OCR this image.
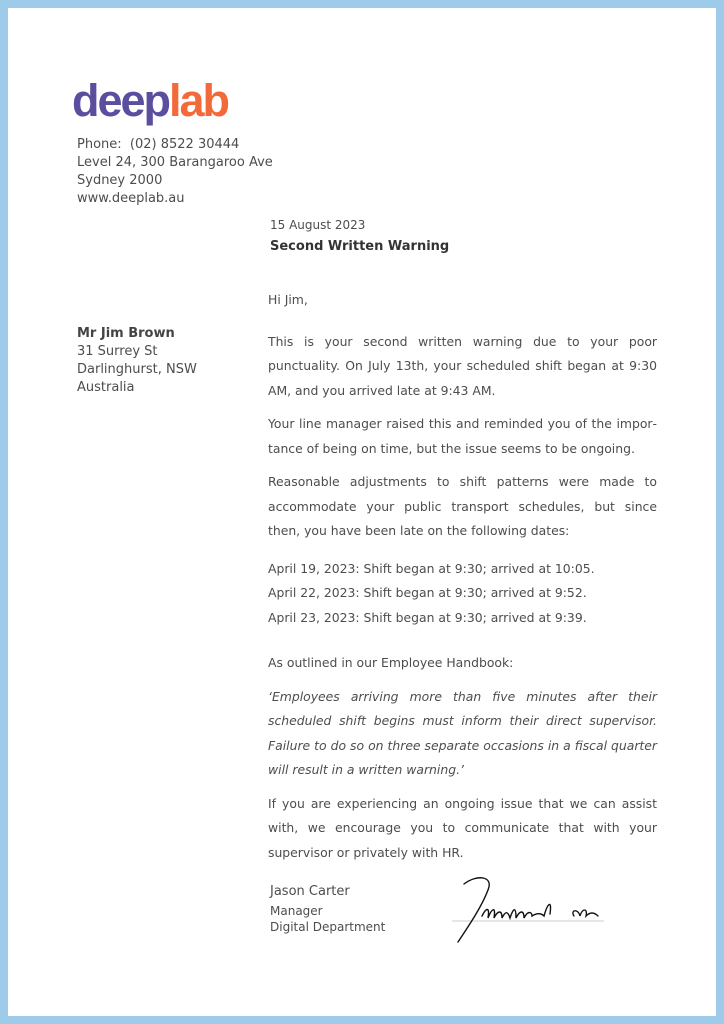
deeplab
Phone:  (02) 8522 30444
Level 24, 300 Barangaroo Ave
Sydney 2000
www.deeplab.au
15 August 2023
Second Written Warning
Mr Jim Brown
31 Surrey St
Darlinghurst, NSW
Australia

Hi Jim,

This is your second written warning due to your poor punctuality. On July 13th, your scheduled shift began at 9:30 AM, and you arrived late at 9:43 AM.

Your line manager raised this and reminded you of the importance of being on time, but the issue seems to be ongoing.

Reasonable adjustments to shift patterns were made to accommodate your public transport schedules, but since then, you have been late on the following dates:

April 19, 2023: Shift began at 9:30; arrived at 10:05.
April 22, 2023: Shift began at 9:30; arrived at 9:52.
April 23, 2023: Shift began at 9:30; arrived at 9:39.

As outlined in our Employee Handbook:

‘Employees arriving more than five minutes after their scheduled shift begins must inform their direct supervisor. Failure to do so on three separate occasions in a fiscal quarter will result in a written warning.’

If you are experiencing an ongoing issue that we can assist with, we encourage you to communicate that with your supervisor or privately with HR.

Jason Carter
Manager
Digital Department
